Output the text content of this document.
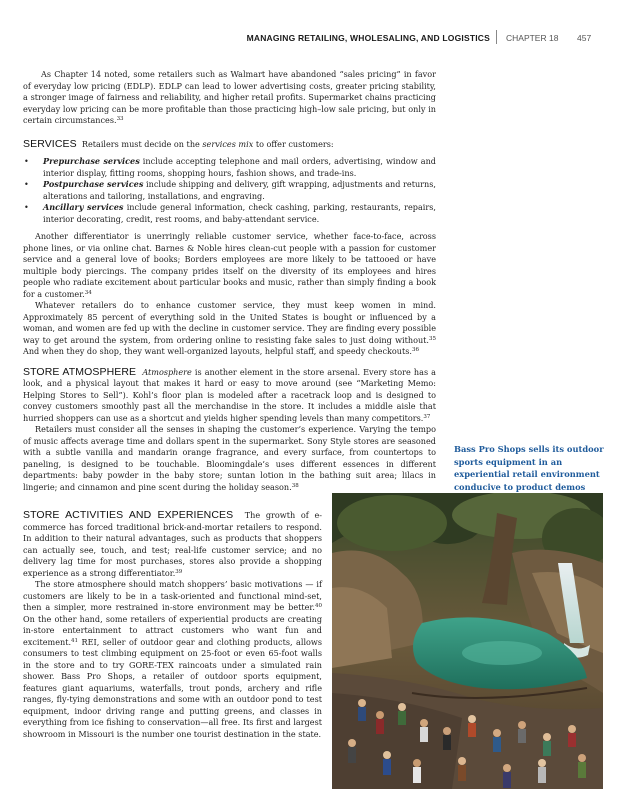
MANAGING RETAILING, WHOLESALING, AND LOGISTICS CHAPTER 18 457

As Chapter 14 noted, some retailers such as Walmart have abandoned “sales pricing” in favor of everyday low pricing (EDLP). EDLP can lead to lower advertising costs, greater pricing stability, a stronger image of fairness and reliability, and higher retail profits. Supermarket chains practicing everyday low pricing can be more profitable than those practicing high–low sale pricing, but only in certain circumstances.$^{33}$

SERVICES Retailers must decide on the services mix to offer customers:

• Prepurchase services include accepting telephone and mail orders, advertising, window and interior display, fitting rooms, shopping hours, fashion shows, and trade-ins.
• Postpurchase services include shipping and delivery, gift wrapping, adjustments and returns, alterations and tailoring, installations, and engraving.
• Ancillary services include general information, check cashing, parking, restaurants, repairs, interior decorating, credit, rest rooms, and baby-attendant service.

Another differentiator is unerringly reliable customer service, whether face-to-face, across phone lines, or via online chat. Barnes & Noble hires clean-cut people with a passion for customer service and a general love of books; Borders employees are more likely to be tattooed or have multiple body piercings. The company prides itself on the diversity of its employees and hires people who radiate excitement about particular books and music, rather than simply finding a book for a customer.$^{34}$

Whatever retailers do to enhance customer service, they must keep women in mind. Approximately 85 percent of everything sold in the United States is bought or influenced by a woman, and women are fed up with the decline in customer service. They are finding every possible way to get around the system, from ordering online to resisting fake sales to just doing without.$^{35}$ And when they do shop, they want well-organized layouts, helpful staff, and speedy checkouts.$^{36}$

STORE ATMOSPHERE Atmosphere is another element in the store arsenal. Every store has a look, and a physical layout that makes it hard or easy to move around (see “Marketing Memo: Helping Stores to Sell”). Kohl’s floor plan is modeled after a racetrack loop and is designed to convey customers smoothly past all the merchandise in the store. It includes a middle aisle that hurried shoppers can use as a shortcut and yields higher spending levels than many competitors.$^{37}$

Retailers must consider all the senses in shaping the customer’s experience. Varying the tempo of music affects average time and dollars spent in the supermarket. Sony Style stores are seasoned with a subtle vanilla and mandarin orange fragrance, and every surface, from countertops to paneling, is designed to be touchable. Bloomingdale’s uses different essences in different departments: baby powder in the baby store; suntan lotion in the bathing suit area; lilacs in lingerie; and cinnamon and pine scent during the holiday season.$^{38}$

STORE ACTIVITIES AND EXPERIENCES The growth of e-commerce has forced traditional brick-and-mortar retailers to respond. In addition to their natural advantages, such as products that shoppers can actually see, touch, and test; real-life customer service; and no delivery lag time for most purchases, stores also provide a shopping experience as a strong differentiator.$^{39}$

The store atmosphere should match shoppers’ basic motivations — if customers are likely to be in a task-oriented and functional mind-set, then a simpler, more restrained in-store environment may be better.$^{40}$ On the other hand, some retailers of experiential products are creating in-store entertainment to attract customers who want fun and excitement.$^{41}$ REI, seller of outdoor gear and clothing products, allows consumers to test climbing equipment on 25-foot or even 65-foot walls in the store and to try GORE-TEX raincoats under a simulated rain shower. Bass Pro Shops, a retailer of outdoor sports equipment, features giant aquariums, waterfalls, trout ponds, archery and rifle ranges, fly-tying demonstrations and some with an outdoor pond to test equipment, indoor driving range and putting greens, and classes in everything from ice fishing to conservation—all free. Its first and largest showroom in Missouri is the number one tourist destination in the state.

Bass Pro Shops sells its outdoor sports equipment in an experiential retail environment conducive to product demos
